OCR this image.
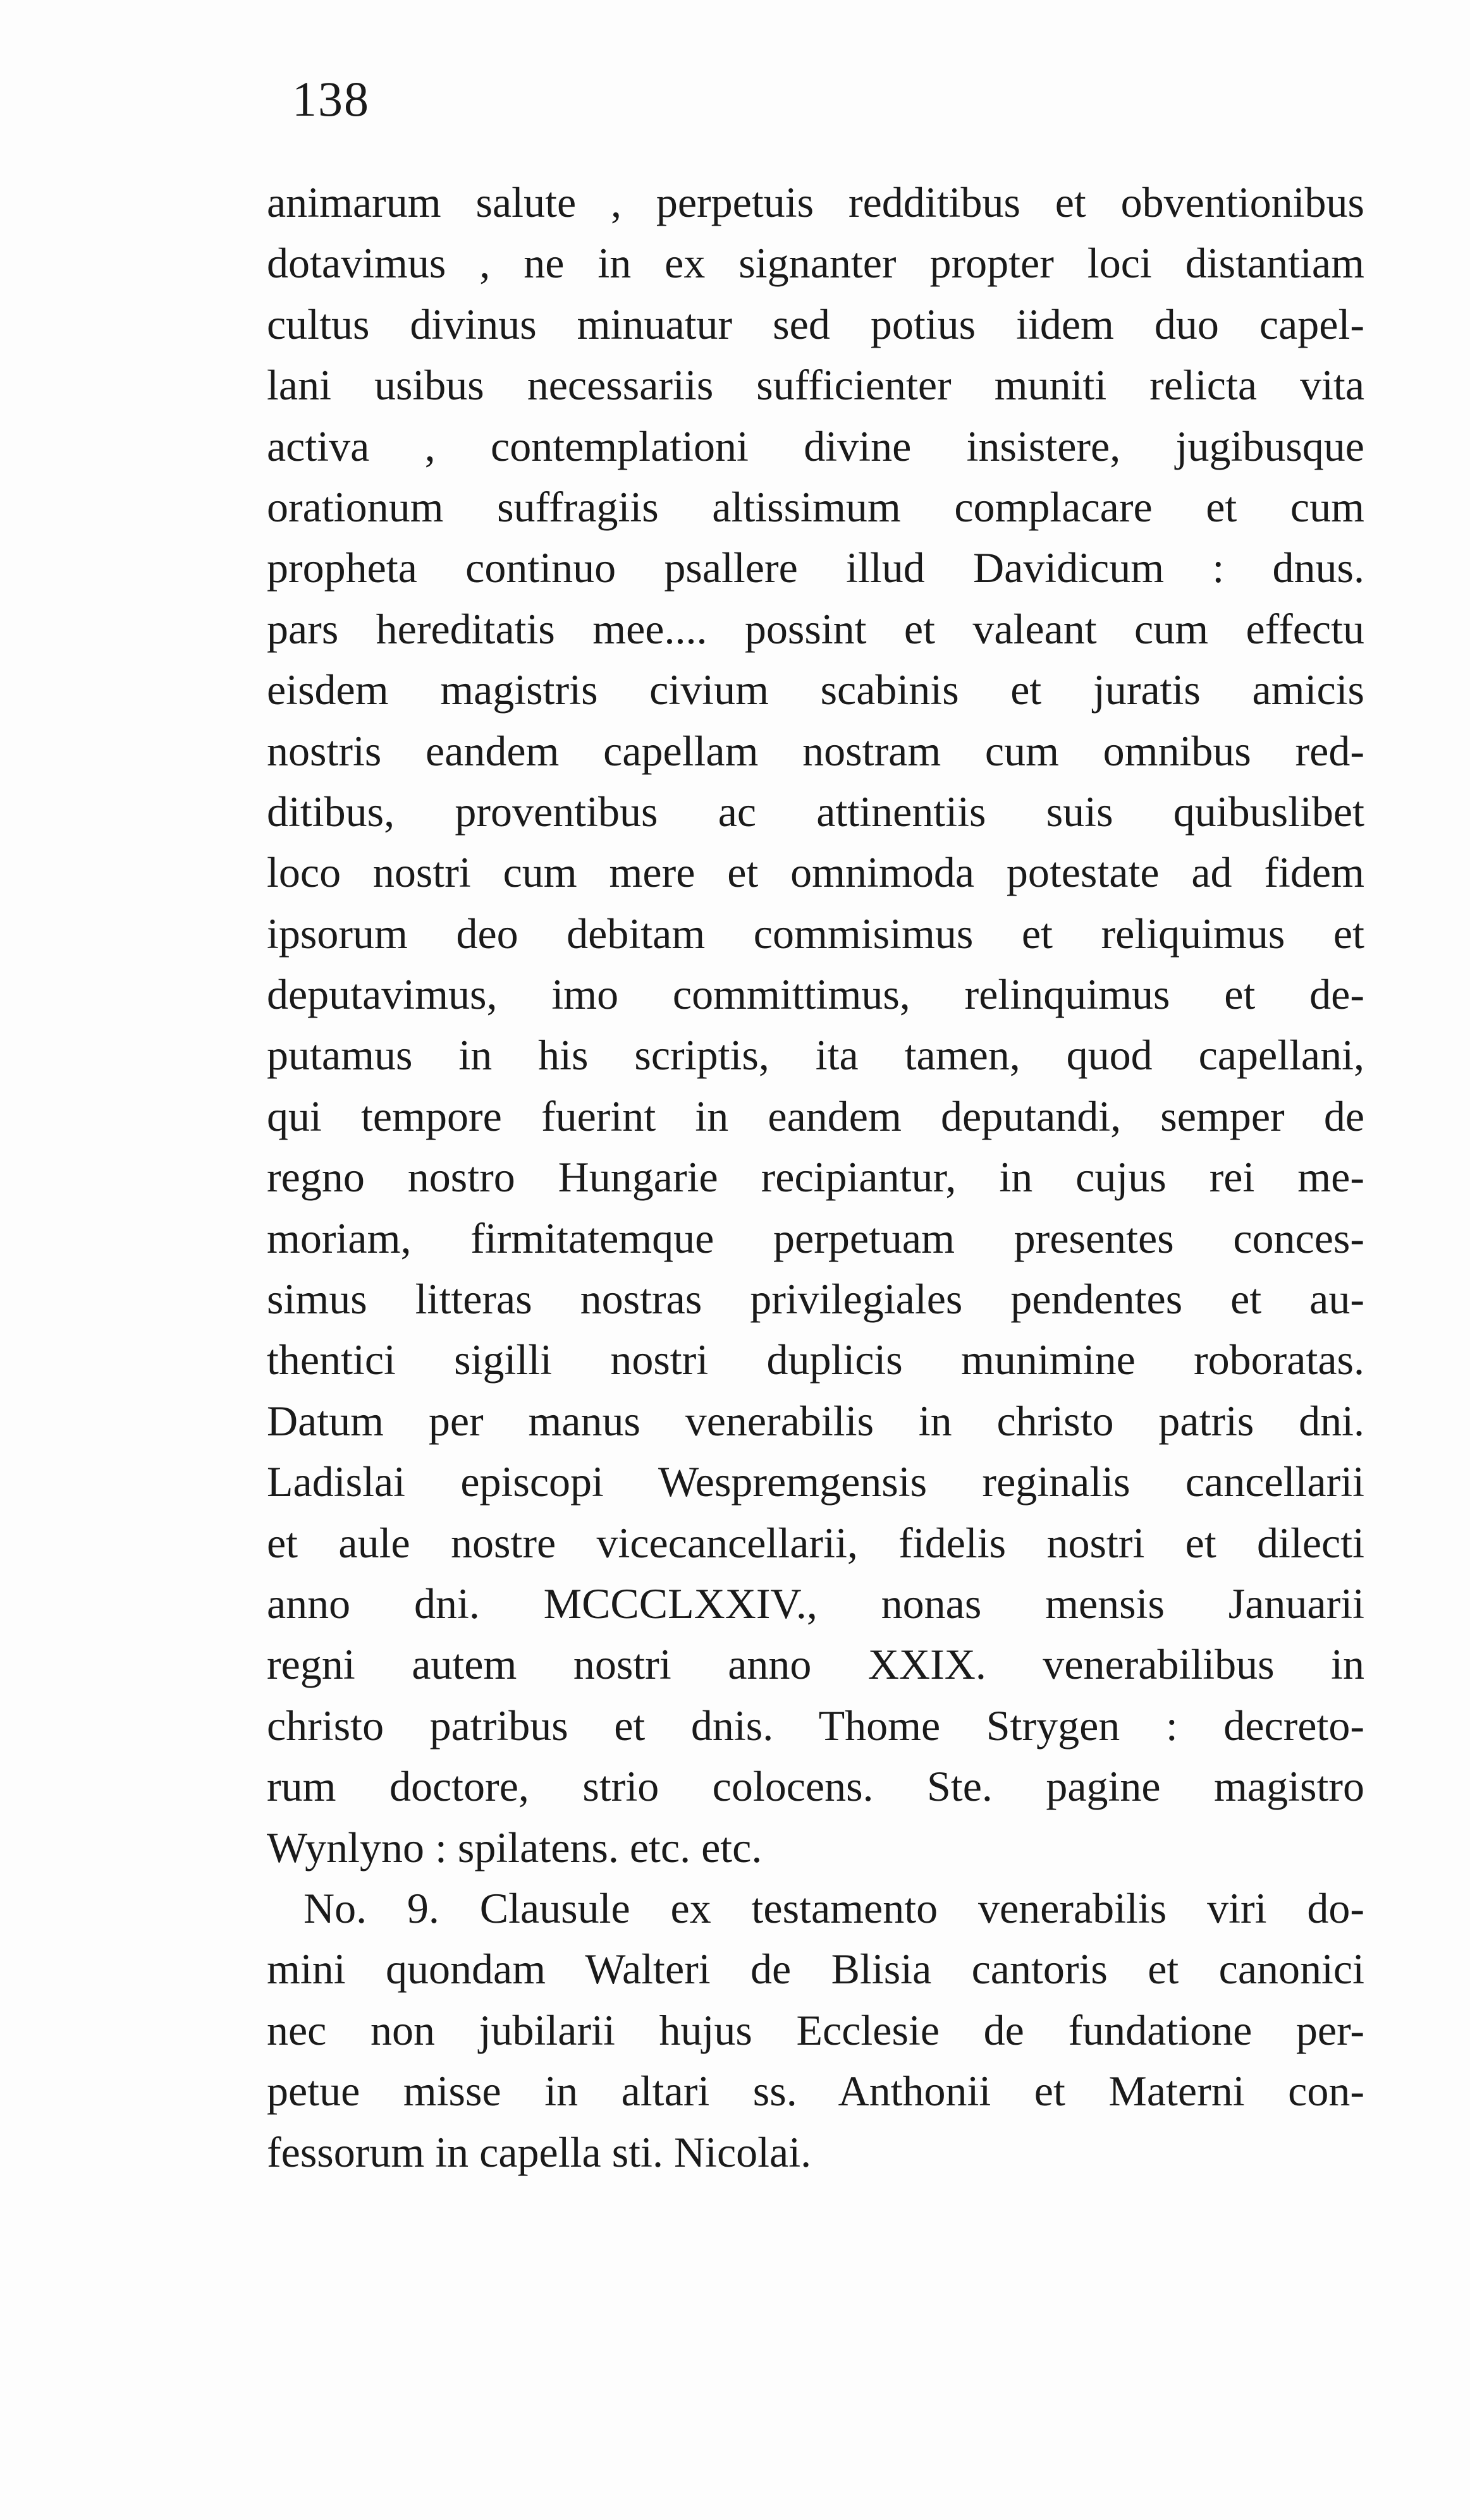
138
animarum salute , perpetuis redditibus et obventionibus
dotavimus , ne in ex signanter propter loci distantiam
cultus divinus minuatur sed potius iidem duo capel-
lani usibus necessariis sufficienter muniti relicta vita
activa , contemplationi divine insistere, jugibusque
orationum suffragiis altissimum complacare et cum
propheta continuo psallere illud Davidicum : dnus.
pars hereditatis mee.... possint et valeant cum effectu
eisdem magistris civium scabinis et juratis amicis
nostris eandem capellam nostram cum omnibus red-
ditibus, proventibus ac attinentiis suis quibuslibet
loco nostri cum mere et omnimoda potestate ad fidem
ipsorum deo debitam commisimus et reliquimus et
deputavimus, imo committimus, relinquimus et de-
putamus in his scriptis, ita tamen, quod capellani,
qui tempore fuerint in eandem deputandi, semper de
regno nostro Hungarie recipiantur, in cujus rei me-
moriam, firmitatemque perpetuam presentes conces-
simus litteras nostras privilegiales pendentes et au-
thentici sigilli nostri duplicis munimine roboratas.
Datum per manus venerabilis in christo patris dni.
Ladislai episcopi Wespremgensis reginalis cancellarii
et aule nostre vicecancellarii, fidelis nostri et dilecti
anno dni. MCCCLXXIV., nonas mensis Januarii
regni autem nostri anno XXIX. venerabilibus in
christo patribus et dnis. Thome Strygen : decreto-
rum doctore, strio colocens. Ste. pagine magistro
Wynlyno : spilatens. etc. etc.
No. 9. Clausule ex testamento venerabilis viri do-
mini quondam Walteri de Blisia cantoris et canonici
nec non jubilarii hujus Ecclesie de fundatione per-
petue misse in altari ss. Anthonii et Materni con-
fessorum in capella sti. Nicolai.
